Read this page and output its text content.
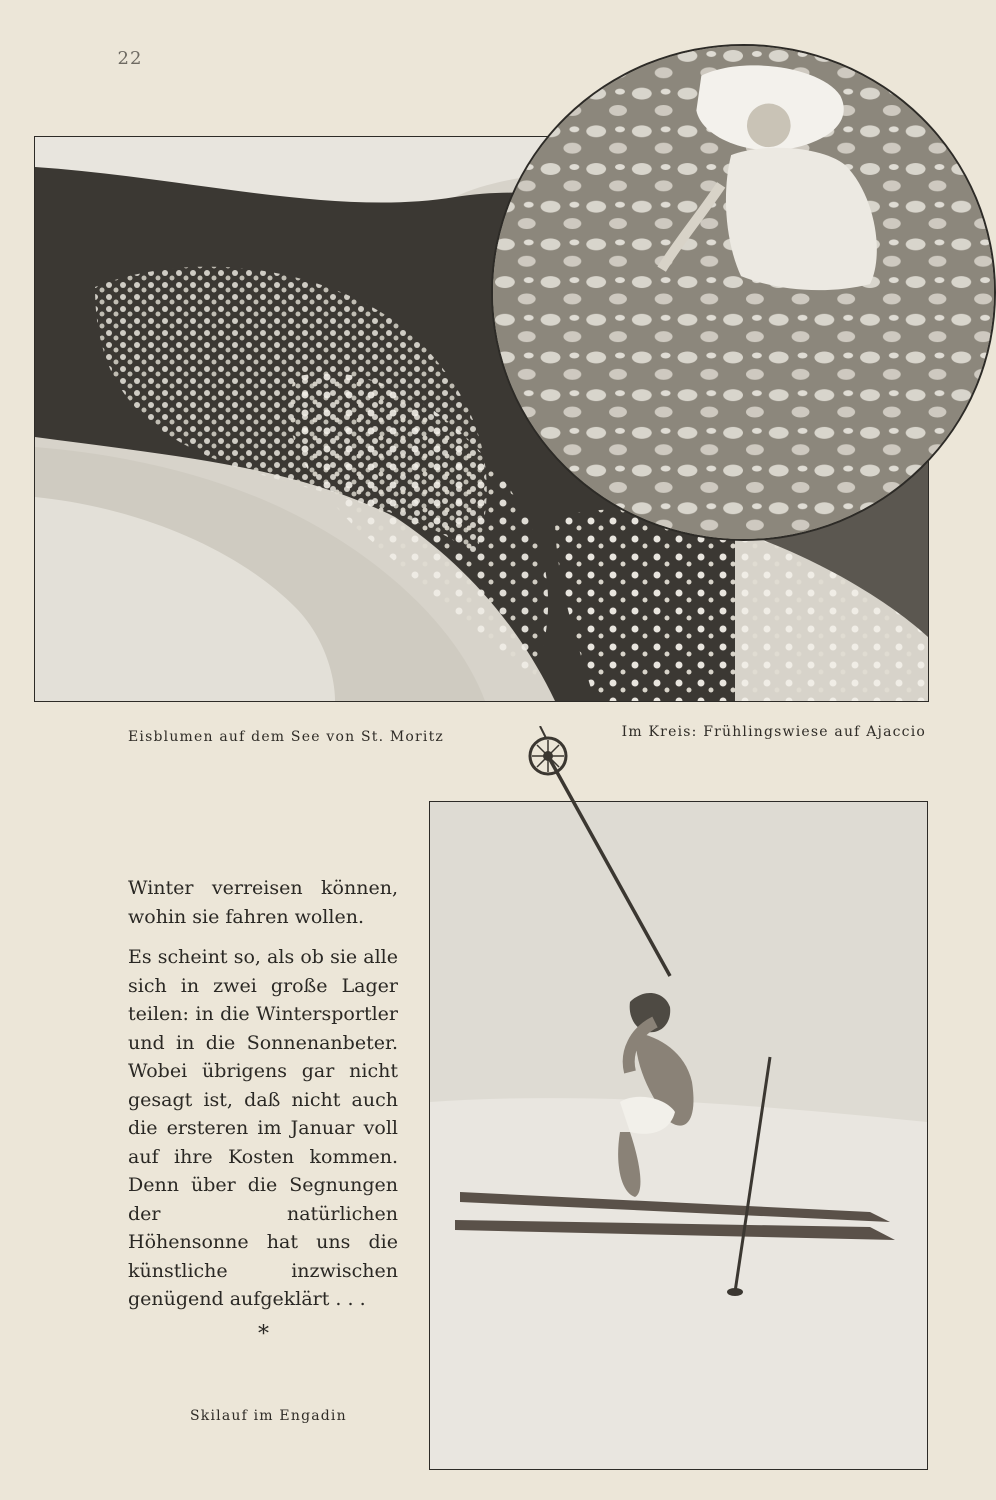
22
Eisblumen auf dem See von St. Moritz	Im Kreis: Frühlingswiese auf Ajaccio

Winter verreisen können, wohin sie fahren wollen.

Es scheint so, als ob sie alle sich in zwei große Lager teilen: in die Wintersportler und in die Sonnenanbeter. Wobei übrigens gar nicht gesagt ist, daß nicht auch die ersteren im Januar voll auf ihre Kosten kommen. Denn über die Segnungen der natürlichen Höhensonne hat uns die künstliche inzwischen genügend aufgeklärt . . .

*
Skilauf im Engadin
